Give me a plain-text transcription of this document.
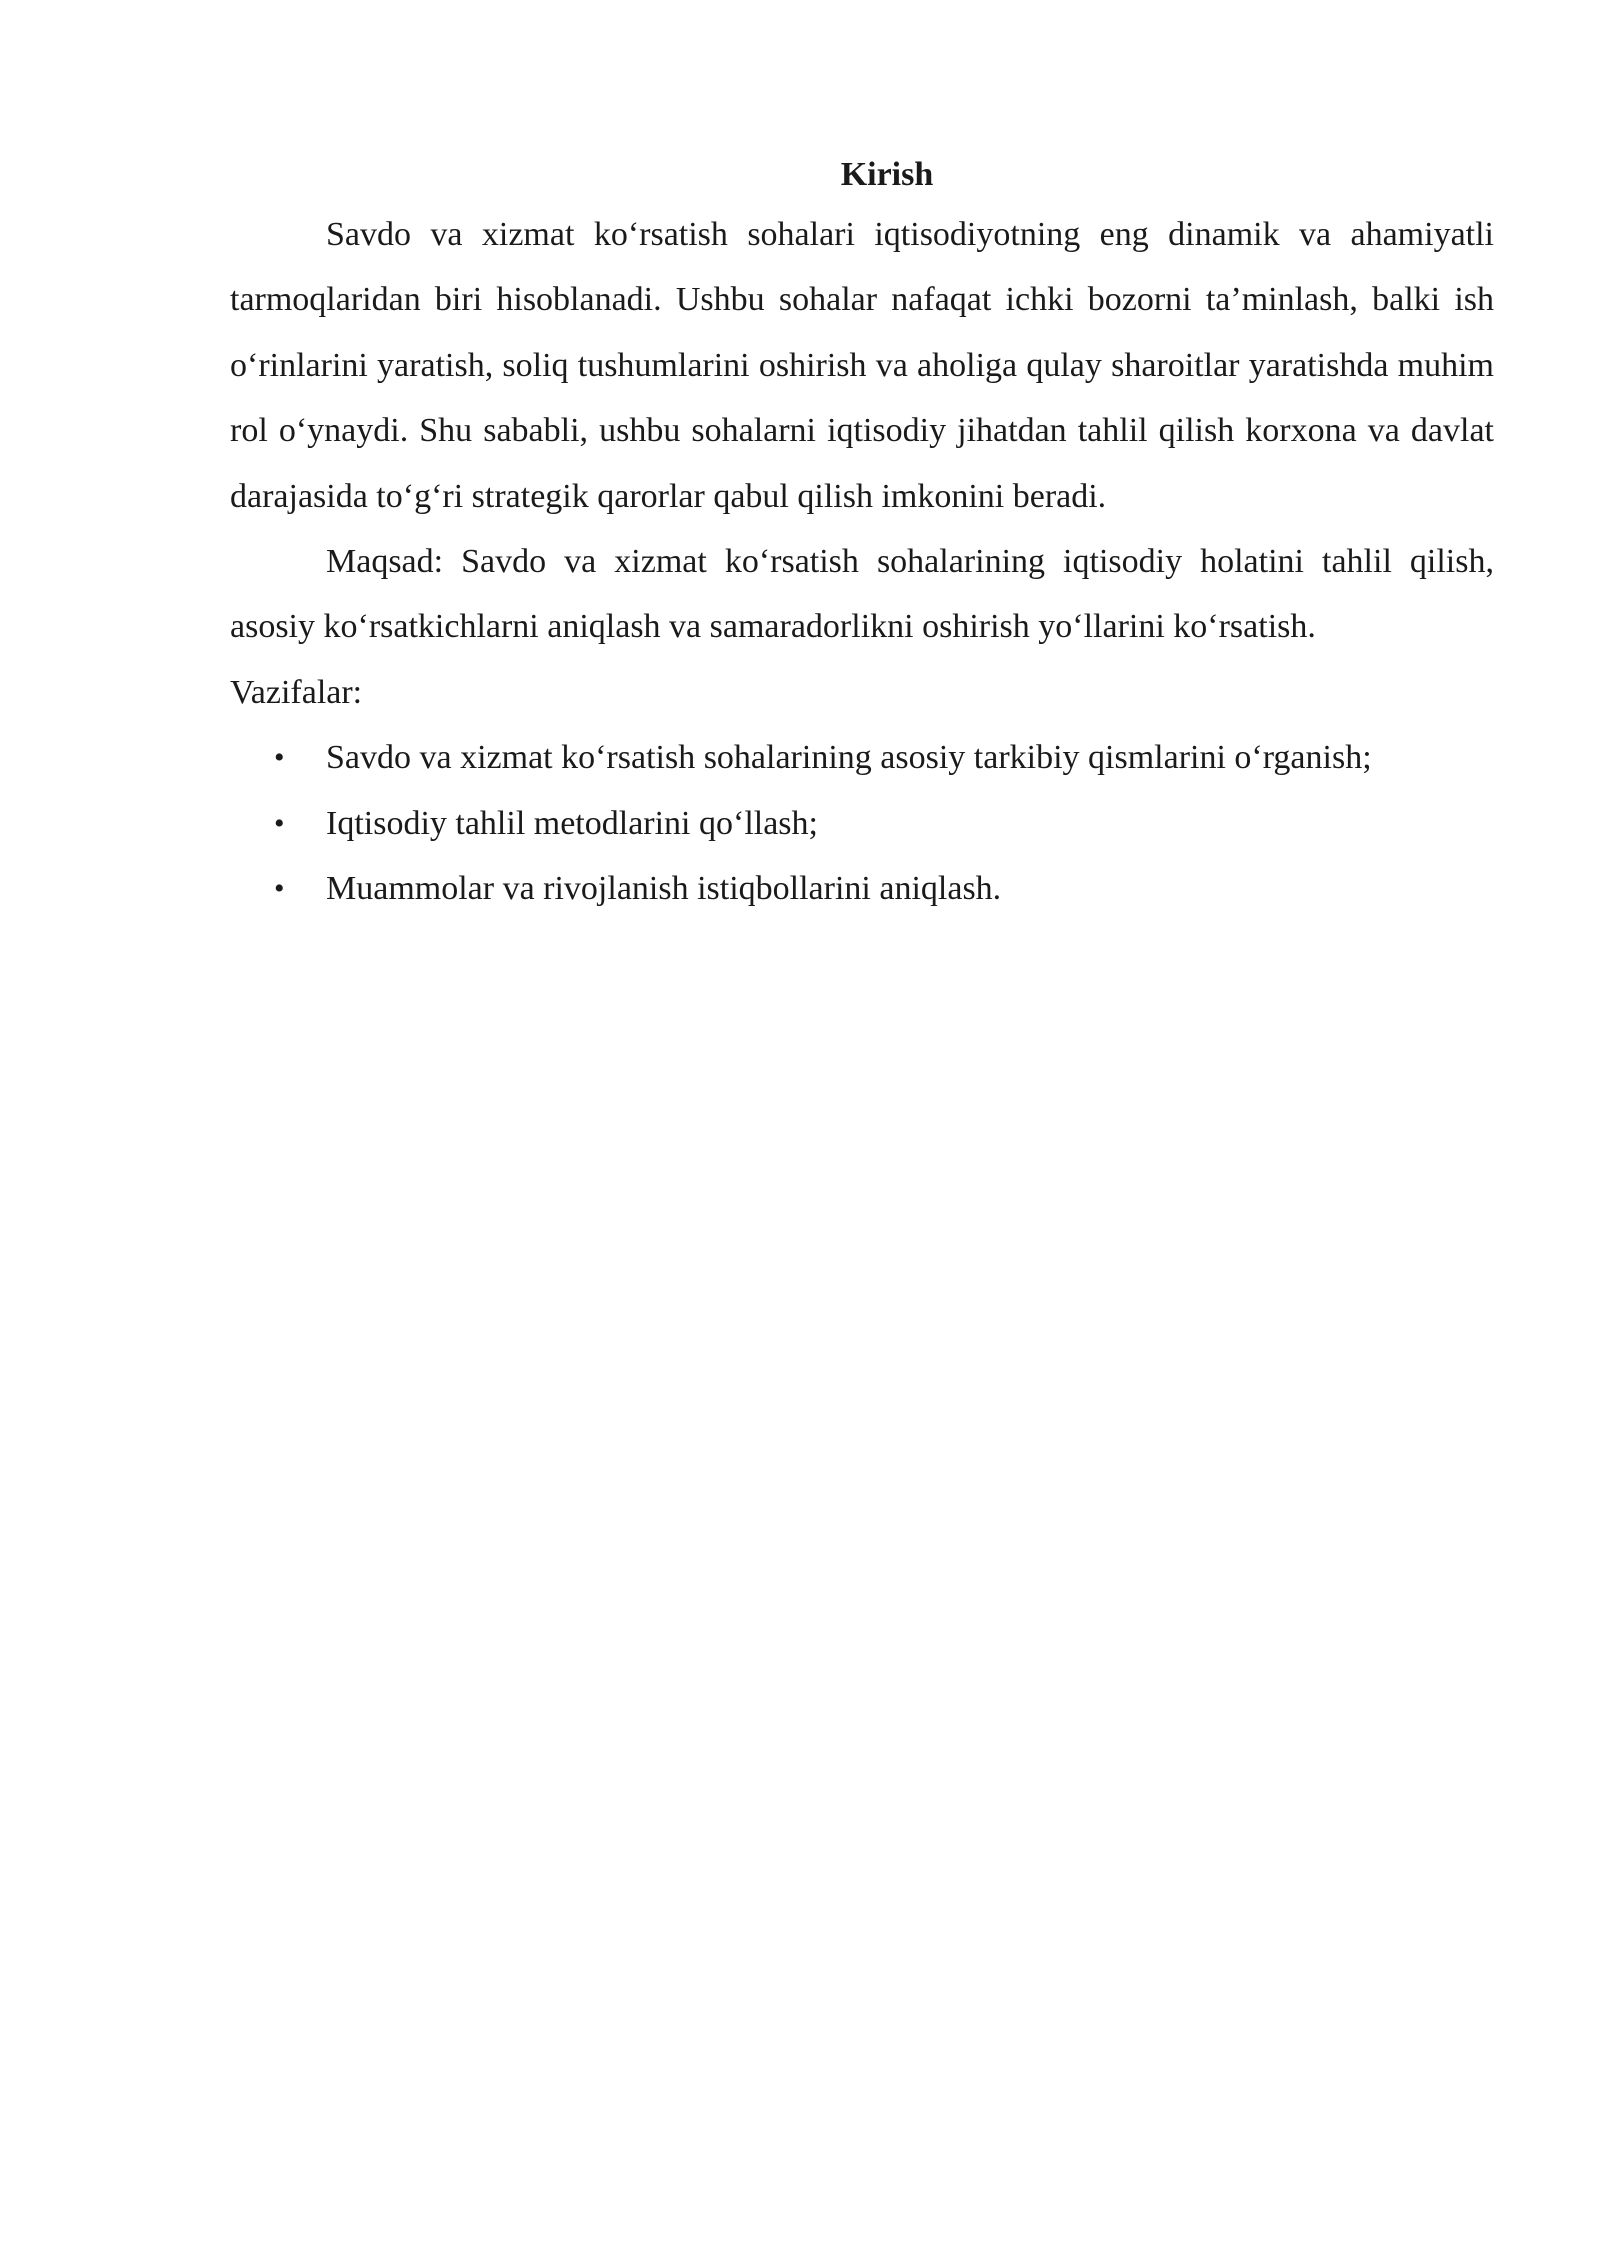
Kirish

Savdo va xizmat ko‘rsatish sohalari iqtisodiyotning eng dinamik va ahamiyatli tarmoqlaridan biri hisoblanadi. Ushbu sohalar nafaqat ichki bozorni ta’minlash, balki ish o‘rinlarini yaratish, soliq tushumlarini oshirish va aholiga qulay sharoitlar yaratishda muhim rol o‘ynaydi. Shu sababli, ushbu sohalarni iqtisodiy jihatdan tahlil qilish korxona va davlat darajasida to‘g‘ri strategik qarorlar qabul qilish imkonini beradi.

Maqsad: Savdo va xizmat ko‘rsatish sohalarining iqtisodiy holatini tahlil qilish, asosiy ko‘rsatkichlarni aniqlash va samaradorlikni oshirish yo‘llarini ko‘rsatish.

Vazifalar:

• Savdo va xizmat ko‘rsatish sohalarining asosiy tarkibiy qismlarini o‘rganish;
• Iqtisodiy tahlil metodlarini qo‘llash;
• Muammolar va rivojlanish istiqbollarini aniqlash.
